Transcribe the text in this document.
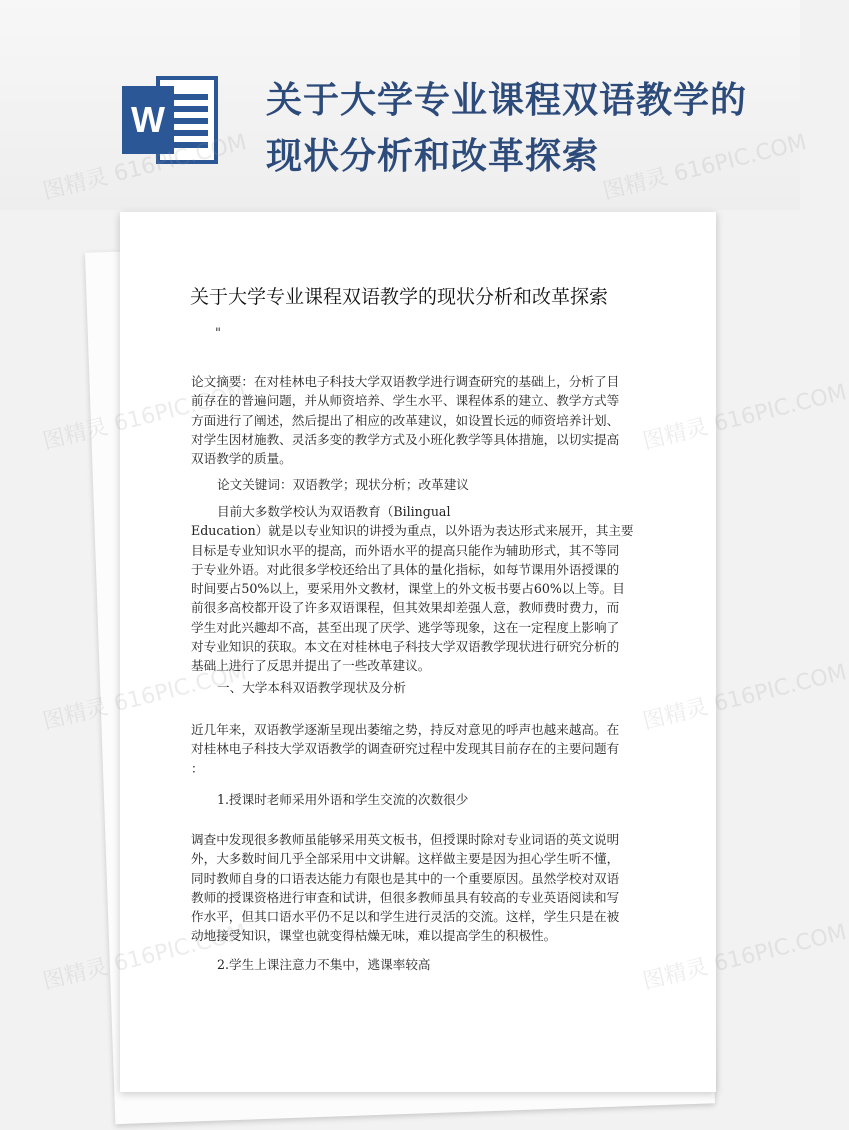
W	关于大学专业课程双语教学的
现状分析和改革探索
图精灵	图精灵 616PIC.COM
图精灵	图精灵 616PIC.COM
图精灵	图精灵 616PIC.COM
关于大学专业课程双语教学的现状分析和改革探索
"
论文摘要：在对桂林电子科技大学双语教学进行调查研究的基础上，分析了目
前存在的普遍问题，并从师资培养、学生水平、课程体系的建立、教学方式等
方面进行了阐述，然后提出了相应的改革建议，如设置长远的师资培养计划、
对学生因材施教、灵活多变的教学方式及小班化教学等具体措施，以切实提高
双语教学的质量。
论文关键词：双语教学；现状分析；改革建议
目前大多数学校认为双语教育（Bilingual
Education）就是以专业知识的讲授为重点，以外语为表达形式来展开，其主要
目标是专业知识水平的提高，而外语水平的提高只能作为辅助形式，其不等同
于专业外语。对此很多学校还给出了具体的量化指标，如每节课用外语授课的
时间要占50%以上，要采用外文教材，课堂上的外文板书要占60%以上等。目
前很多高校都开设了许多双语课程，但其效果却差强人意，教师费时费力，而
学生对此兴趣却不高，甚至出现了厌学、逃学等现象，这在一定程度上影响了
对专业知识的获取。本文在对桂林电子科技大学双语教学现状进行研究分析的
基础上进行了反思并提出了一些改革建议。
一、大学本科双语教学现状及分析
近几年来，双语教学逐渐呈现出萎缩之势，持反对意见的呼声也越来越高。在
对桂林电子科技大学双语教学的调查研究过程中发现其目前存在的主要问题有
：
1.授课时老师采用外语和学生交流的次数很少
调查中发现很多教师虽能够采用英文板书，但授课时除对专业词语的英文说明
外，大多数时间几乎全部采用中文讲解。这样做主要是因为担心学生听不懂，
同时教师自身的口语表达能力有限也是其中的一个重要原因。虽然学校对双语
教师的授课资格进行审查和试讲，但很多教师虽具有较高的专业英语阅读和写
作水平，但其口语水平仍不足以和学生进行灵活的交流。这样，学生只是在被
动地接受知识，课堂也就变得枯燥无味，难以提高学生的积极性。
2.学生上课注意力不集中，逃课率较高
